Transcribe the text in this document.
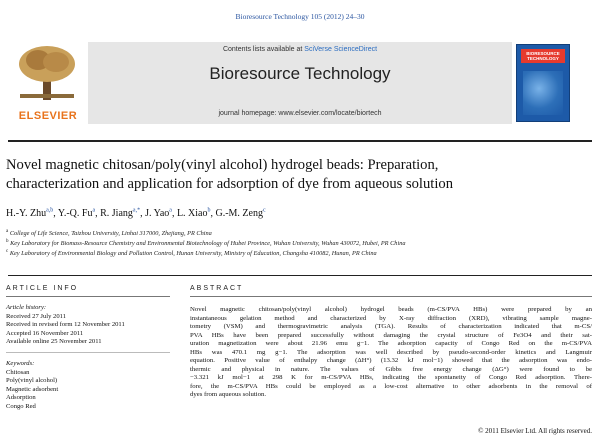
Bioresource Technology 105 (2012) 24–30
ELSEVIER
Contents lists available at SciVerse ScienceDirect
Bioresource Technology
journal homepage: www.elsevier.com/locate/biortech
BIORESOURCE TECHNOLOGY
Novel magnetic chitosan/poly(vinyl alcohol) hydrogel beads: Preparation,
characterization and application for adsorption of dye from aqueous solution
H.-Y. Zhu$^{a,b}$, Y.-Q. Fu$^a$, R. Jiang$^{a,*}$, J. Yao$^a$, L. Xiao$^b$, G.-M. Zeng$^c$
$^a$ College of Life Science, Taizhou University, Linhai 317000, Zhejiang, PR China
$^b$ Key Laboratory for Biomass-Resource Chemistry and Environmental Biotechnology of Hubei Province, Wuhan University, Wuhan 430072, Hubei, PR China
$^c$ Key Laboratory of Environmental Biology and Pollution Control, Hunan University, Ministry of Education, Changsha 410082, Hunan, PR China
ARTICLE INFO
Article history:
Received 27 July 2011
Received in revised form 12 November 2011
Accepted 16 November 2011
Available online 25 November 2011
Keywords:
Chitosan
Poly(vinyl alcohol)
Magnetic adsorbent
Adsorption
Congo Red
ABSTRACT
Novel magnetic chitosan/poly(vinyl alcohol) hydrogel beads (m-CS/PVA HBs) were prepared by an
instantaneous gelation method and characterized by X-ray diffraction (XRD), vibrating sample magne-
tometry (VSM) and thermogravimetric analysis (TGA). Results of characterization indicated that m-CS/
PVA HBs have been prepared successfully without damaging the crystal structure of Fe3O4 and their sat-
uration magnetization were about 21.96 emu g−1. The adsorption capacity of Congo Red on the m-CS/PVA
HBs was 470.1 mg g−1. The adsorption was well described by pseudo-second-order kinetics and Langmuir
equation. Positive value of enthalpy change (ΔH°) (13.32 kJ mol−1) showed that the adsorption was endo-
thermic and physical in nature. The values of Gibbs free energy change (ΔG°) were found to be
−3.321 kJ mol−1 at 298 K for m-CS/PVA HBs, indicating the spontaneity of Congo Red adsorption. There-
fore, the m-CS/PVA HBs could be employed as a low-cost alternative to other adsorbents in the removal of
dyes from aqueous solution.
© 2011 Elsevier Ltd. All rights reserved.
